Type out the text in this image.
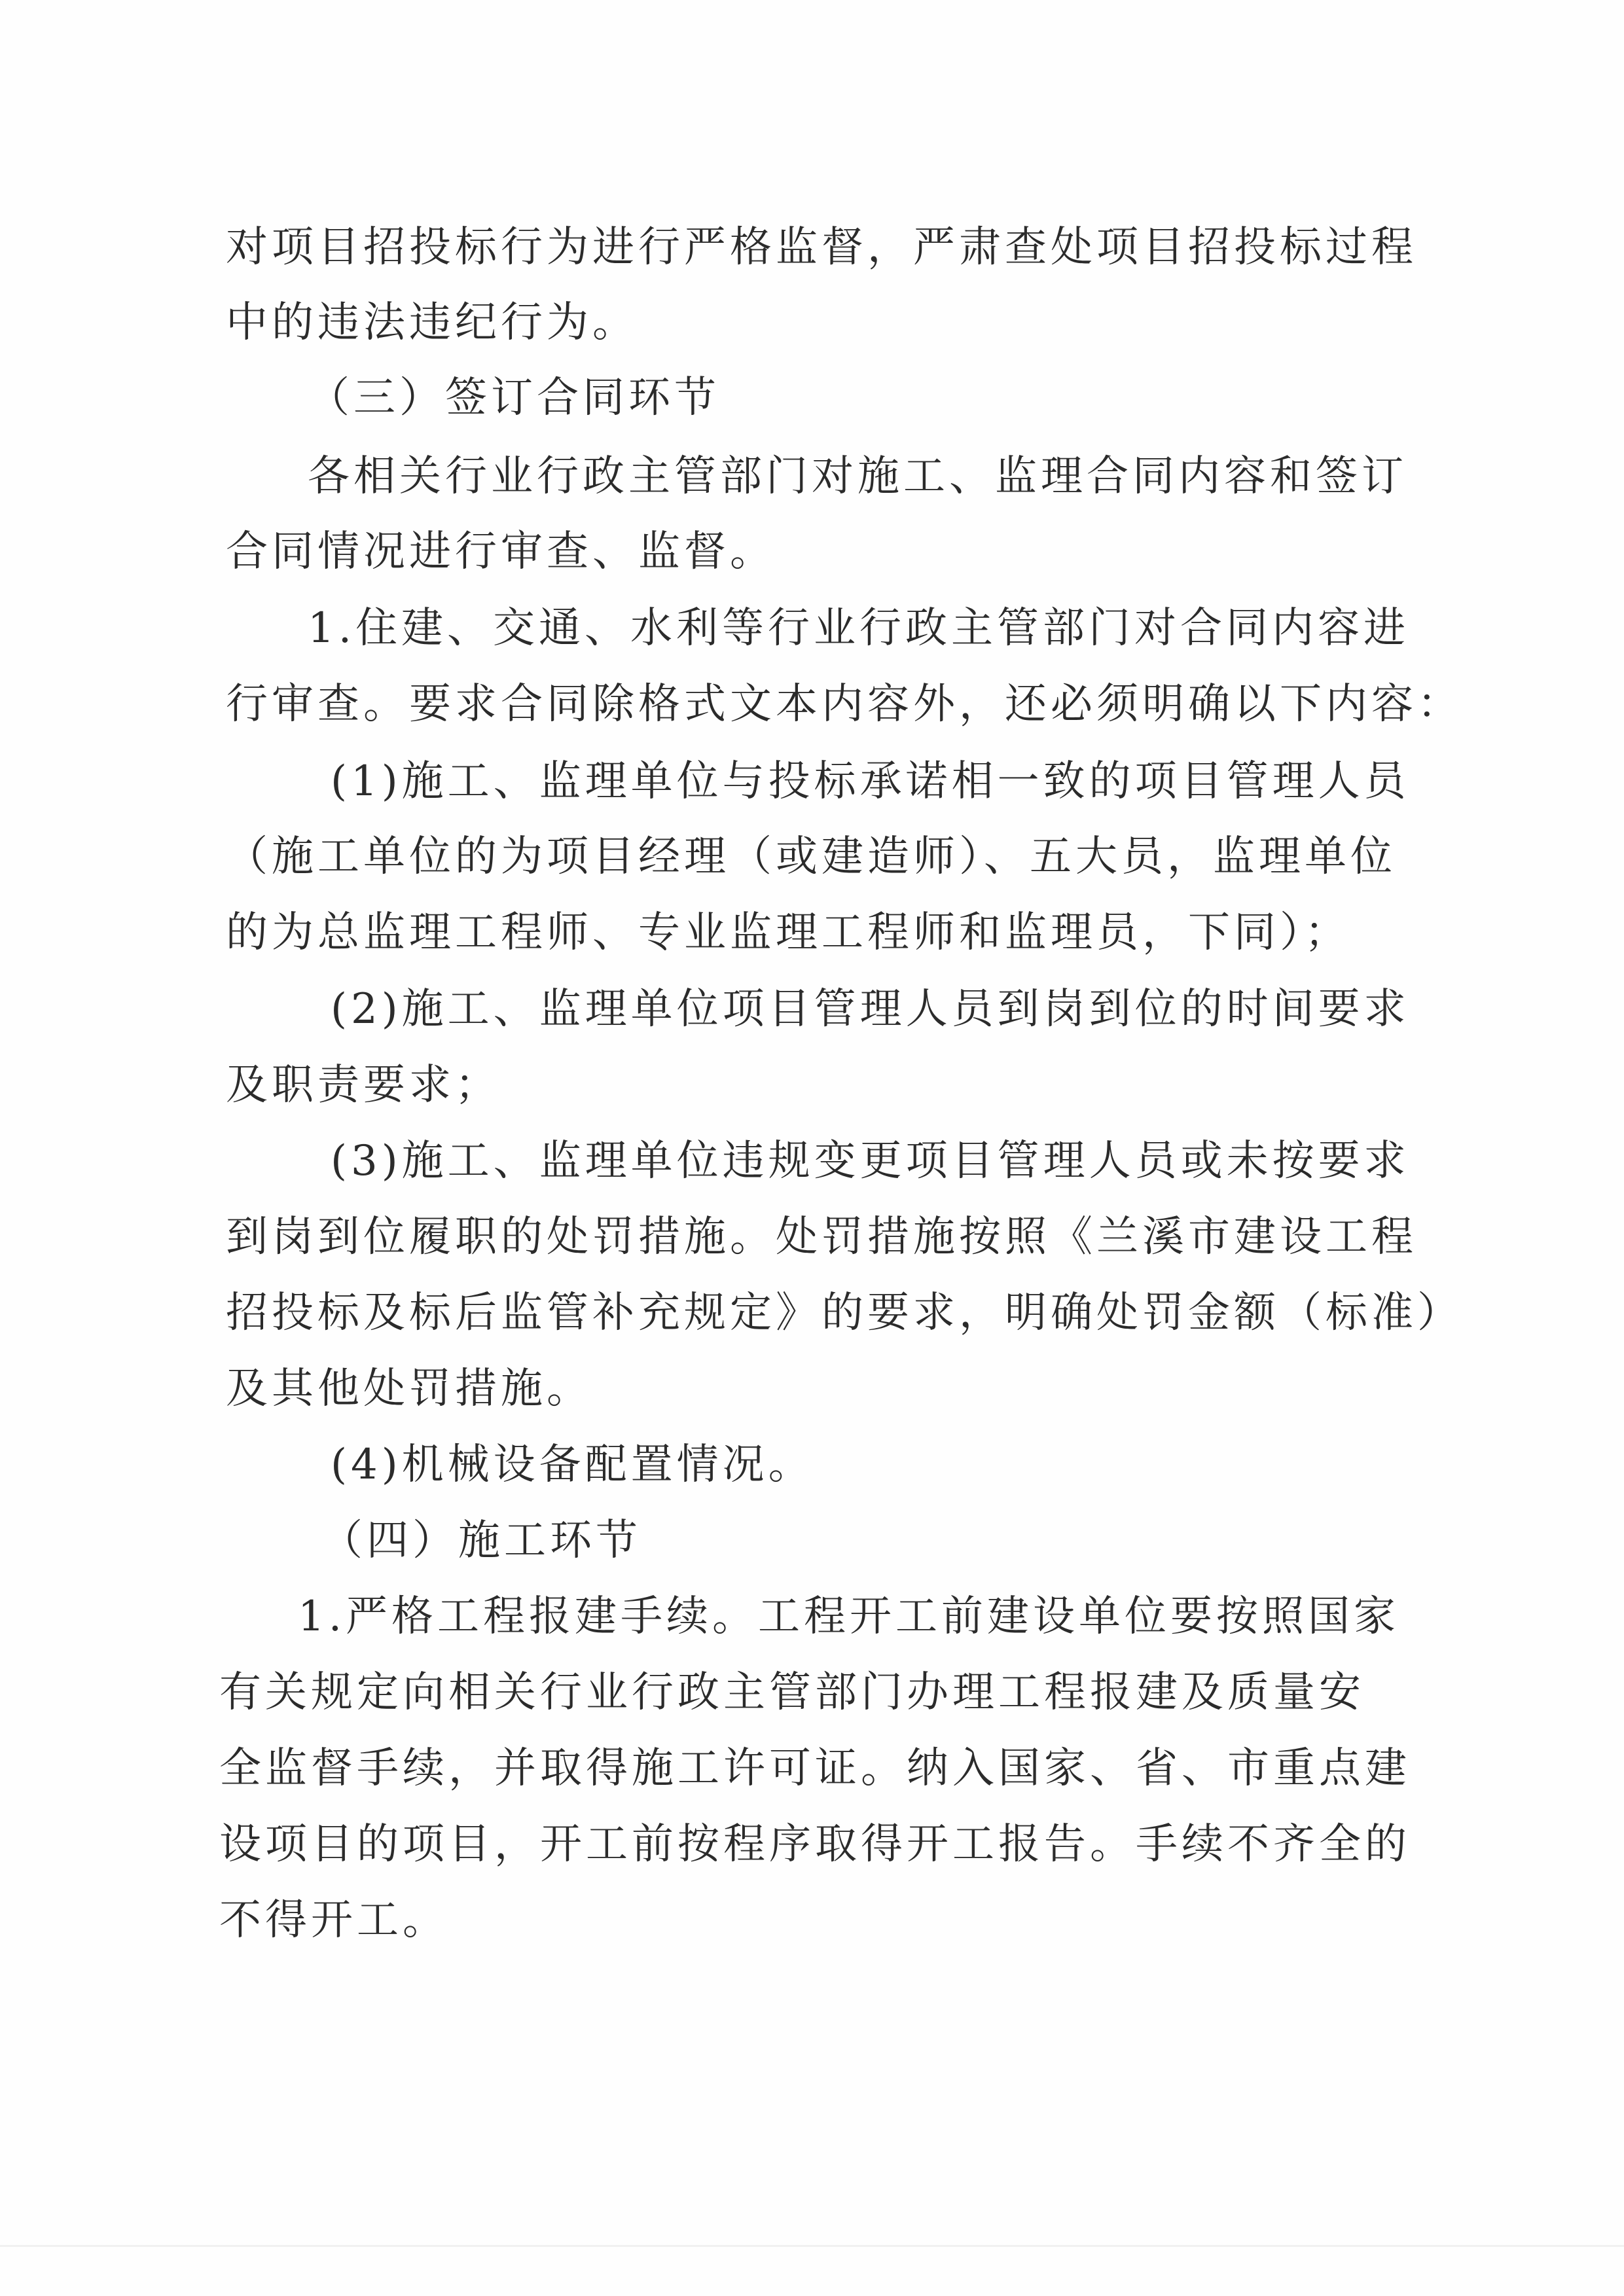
对项目招投标行为进行严格监督，严肃查处项目招投标过程
中的违法违纪行为。
（三）签订合同环节
各相关行业行政主管部门对施工、监理合同内容和签订
合同情况进行审查、监督。
1.住建、交通、水利等行业行政主管部门对合同内容进
行审查。要求合同除格式文本内容外，还必须明确以下内容：
(1)施工、监理单位与投标承诺相一致的项目管理人员
（施工单位的为项目经理（或建造师）、五大员，监理单位
的为总监理工程师、专业监理工程师和监理员，下同）；
(2)施工、监理单位项目管理人员到岗到位的时间要求
及职责要求；
(3)施工、监理单位违规变更项目管理人员或未按要求
到岗到位履职的处罚措施。处罚措施按照《兰溪市建设工程
招投标及标后监管补充规定》的要求，明确处罚金额（标准）
及其他处罚措施。
(4)机械设备配置情况。
（四）施工环节
1.严格工程报建手续。工程开工前建设单位要按照国家
有关规定向相关行业行政主管部门办理工程报建及质量安
全监督手续，并取得施工许可证。纳入国家、省、市重点建
设项目的项目，开工前按程序取得开工报告。手续不齐全的
不得开工。
